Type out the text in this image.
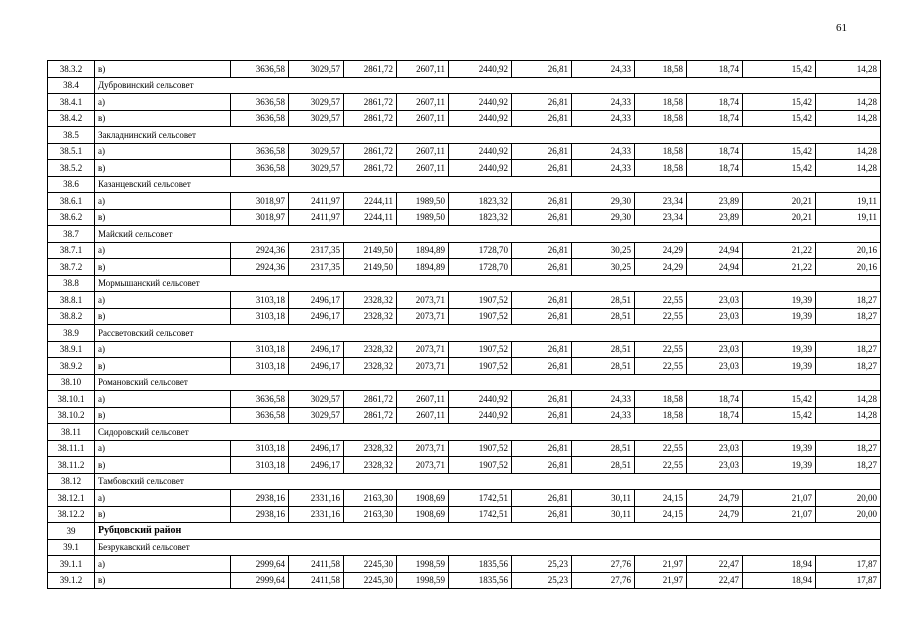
61
38.3.2	в)	3636,58	3029,57	2861,72	2607,11	2440,92	26,81	24,33	18,58	18,74	15,42	14,28
38.4	Дубровинский сельсовет											
38.4.1	а)	3636,58	3029,57	2861,72	2607,11	2440,92	26,81	24,33	18,58	18,74	15,42	14,28
38.4.2	в)	3636,58	3029,57	2861,72	2607,11	2440,92	26,81	24,33	18,58	18,74	15,42	14,28
38.5	Закладнинский сельсовет											
38.5.1	а)	3636,58	3029,57	2861,72	2607,11	2440,92	26,81	24,33	18,58	18,74	15,42	14,28
38.5.2	в)	3636,58	3029,57	2861,72	2607,11	2440,92	26,81	24,33	18,58	18,74	15,42	14,28
38.6	Казанцевский сельсовет											
38.6.1	а)	3018,97	2411,97	2244,11	1989,50	1823,32	26,81	29,30	23,34	23,89	20,21	19,11
38.6.2	в)	3018,97	2411,97	2244,11	1989,50	1823,32	26,81	29,30	23,34	23,89	20,21	19,11
38.7	Майский сельсовет											
38.7.1	а)	2924,36	2317,35	2149,50	1894,89	1728,70	26,81	30,25	24,29	24,94	21,22	20,16
38.7.2	в)	2924,36	2317,35	2149,50	1894,89	1728,70	26,81	30,25	24,29	24,94	21,22	20,16
38.8	Мормышанский сельсовет											
38.8.1	а)	3103,18	2496,17	2328,32	2073,71	1907,52	26,81	28,51	22,55	23,03	19,39	18,27
38.8.2	в)	3103,18	2496,17	2328,32	2073,71	1907,52	26,81	28,51	22,55	23,03	19,39	18,27
38.9	Рассветовский сельсовет											
38.9.1	а)	3103,18	2496,17	2328,32	2073,71	1907,52	26,81	28,51	22,55	23,03	19,39	18,27
38.9.2	в)	3103,18	2496,17	2328,32	2073,71	1907,52	26,81	28,51	22,55	23,03	19,39	18,27
38.10	Романовский сельсовет											
38.10.1	а)	3636,58	3029,57	2861,72	2607,11	2440,92	26,81	24,33	18,58	18,74	15,42	14,28
38.10.2	в)	3636,58	3029,57	2861,72	2607,11	2440,92	26,81	24,33	18,58	18,74	15,42	14,28
38.11	Сидоровский сельсовет											
38.11.1	а)	3103,18	2496,17	2328,32	2073,71	1907,52	26,81	28,51	22,55	23,03	19,39	18,27
38.11.2	в)	3103,18	2496,17	2328,32	2073,71	1907,52	26,81	28,51	22,55	23,03	19,39	18,27
38.12	Тамбовский сельсовет											
38.12.1	а)	2938,16	2331,16	2163,30	1908,69	1742,51	26,81	30,11	24,15	24,79	21,07	20,00
38.12.2	в)	2938,16	2331,16	2163,30	1908,69	1742,51	26,81	30,11	24,15	24,79	21,07	20,00
39	Рубцовский район											
39.1	Безрукавский сельсовет											
39.1.1	а)	2999,64	2411,58	2245,30	1998,59	1835,56	25,23	27,76	21,97	22,47	18,94	17,87
39.1.2	в)	2999,64	2411,58	2245,30	1998,59	1835,56	25,23	27,76	21,97	22,47	18,94	17,87
